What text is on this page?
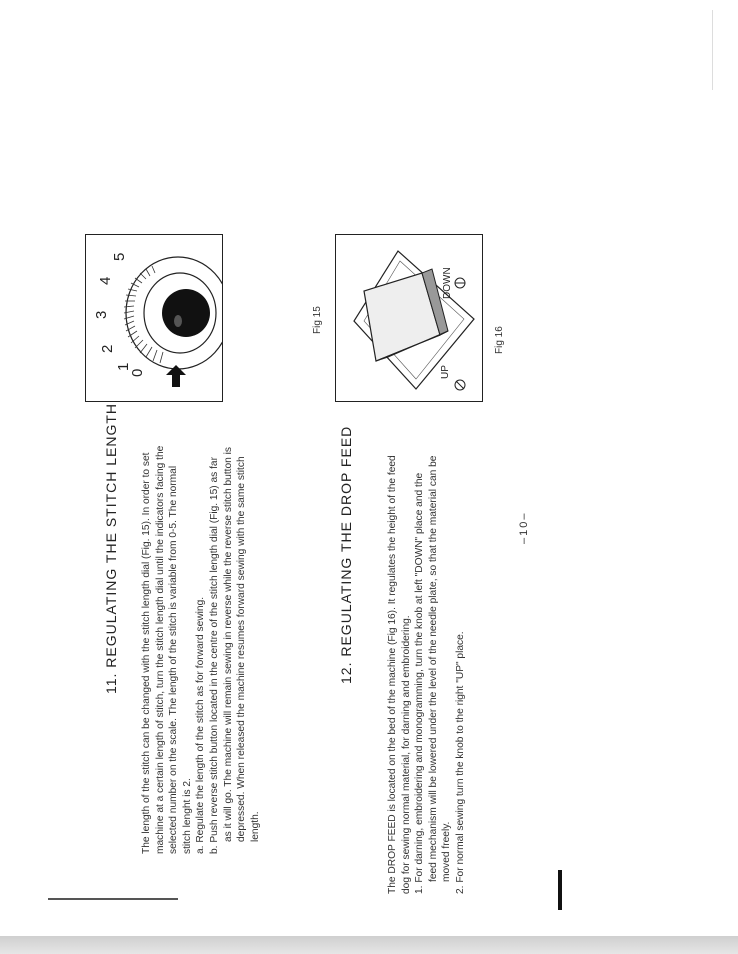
11. REGULATING THE STITCH LENGTH The length of the stitch can be changed with the stitch length dial (Fig. 15). In order to set machine at a certain length of stitch, turn the stitch length dial until the indicators facing the selected number on the scale. The length of the stitch is variable from 0-5. The normal stitch lenght is 2. a. Regulate the length of the stitch as for forward sewing. b. Push reverse stitch button located in the centre of the stitch length dial (Fig. 15) as far as it will go. The machine will remain sewing in reverse while the reverse stitch button is depressed. When released the machine resumes forward sewing with the same stitch length.

12. REGULATING THE DROP FEED	The DROP FEED is located on the bed of the machine (Fig 16). It regulates the height of the feed dog for sewing normal material, for darning and embroidering. 1. For darning, embroidering and monogramming, turn the knob at left "DOWN" place and the feed mechanism will be lowered under the level of the needle plate, so that the material can be moved freely. 2. For normal sewing turn the knob to the right "UP" place.

–10–
0
1
2
3
4
5
Fig 15
DOWN
UP
Fig 16
